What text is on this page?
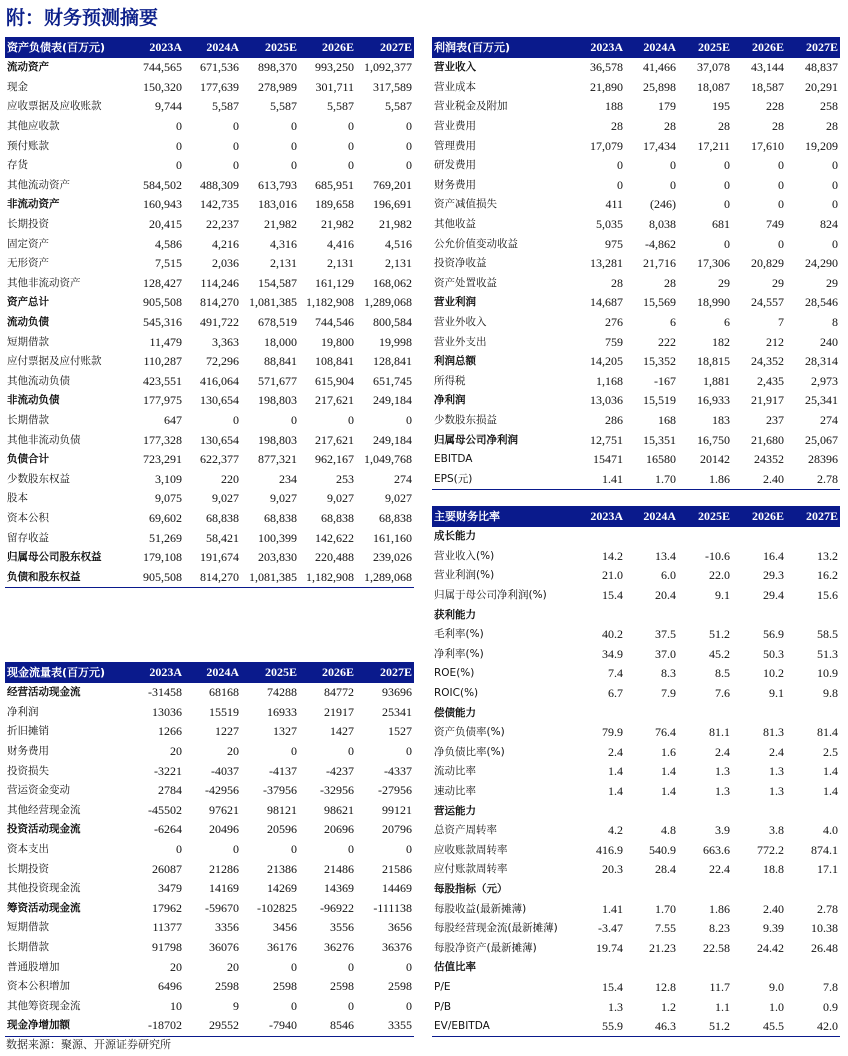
附：财务预测摘要
资产负债表(百万元)	2023A	2024A	2025E	2026E	2027E
流动资产	744,565	671,536	898,370	993,250	1,092,377
现金	150,320	177,639	278,989	301,711	317,589
应收票据及应收账款	9,744	5,587	5,587	5,587	5,587
其他应收款	0	0	0	0	0
预付账款	0	0	0	0	0
存货	0	0	0	0	0
其他流动资产	584,502	488,309	613,793	685,951	769,201
非流动资产	160,943	142,735	183,016	189,658	196,691
长期投资	20,415	22,237	21,982	21,982	21,982
固定资产	4,586	4,216	4,316	4,416	4,516
无形资产	7,515	2,036	2,131	2,131	2,131
其他非流动资产	128,427	114,246	154,587	161,129	168,062
资产总计	905,508	814,270	1,081,385	1,182,908	1,289,068
流动负债	545,316	491,722	678,519	744,546	800,584
短期借款	11,479	3,363	18,000	19,800	19,998
应付票据及应付账款	110,287	72,296	88,841	108,841	128,841
其他流动负债	423,551	416,064	571,677	615,904	651,745
非流动负债	177,975	130,654	198,803	217,621	249,184
长期借款	647	0	0	0	0
其他非流动负债	177,328	130,654	198,803	217,621	249,184
负债合计	723,291	622,377	877,321	962,167	1,049,768
少数股东权益	3,109	220	234	253	274
股本	9,075	9,027	9,027	9,027	9,027
资本公积	69,602	68,838	68,838	68,838	68,838
留存收益	51,269	58,421	100,399	142,622	161,160
归属母公司股东权益	179,108	191,674	203,830	220,488	239,026
负债和股东权益	905,508	814,270	1,081,385	1,182,908	1,289,068
利润表(百万元)	2023A	2024A	2025E	2026E	2027E
营业收入	36,578	41,466	37,078	43,144	48,837
营业成本	21,890	25,898	18,087	18,587	20,291
营业税金及附加	188	179	195	228	258
营业费用	28	28	28	28	28
管理费用	17,079	17,434	17,211	17,610	19,209
研发费用	0	0	0	0	0
财务费用	0	0	0	0	0
资产减值损失	411	(246)	0	0	0
其他收益	5,035	8,038	681	749	824
公允价值变动收益	975	-4,862	0	0	0
投资净收益	13,281	21,716	17,306	20,829	24,290
资产处置收益	28	28	29	29	29
营业利润	14,687	15,569	18,990	24,557	28,546
营业外收入	276	6	6	7	8
营业外支出	759	222	182	212	240
利润总额	14,205	15,352	18,815	24,352	28,314
所得税	1,168	-167	1,881	2,435	2,973
净利润	13,036	15,519	16,933	21,917	25,341
少数股东损益	286	168	183	237	274
归属母公司净利润	12,751	15,351	16,750	21,680	25,067
EBITDA	15471	16580	20142	24352	28396
EPS(元)	1.41	1.70	1.86	2.40	2.78
现金流量表(百万元)	2023A	2024A	2025E	2026E	2027E
经营活动现金流	-31458	68168	74288	84772	93696
净利润	13036	15519	16933	21917	25341
折旧摊销	1266	1227	1327	1427	1527
财务费用	20	20	0	0	0
投资损失	-3221	-4037	-4137	-4237	-4337
营运资金变动	2784	-42956	-37956	-32956	-27956
其他经营现金流	-45502	97621	98121	98621	99121
投资活动现金流	-6264	20496	20596	20696	20796
资本支出	0	0	0	0	0
长期投资	26087	21286	21386	21486	21586
其他投资现金流	3479	14169	14269	14369	14469
筹资活动现金流	17962	-59670	-102825	-96922	-111138
短期借款	11377	3356	3456	3556	3656
长期借款	91798	36076	36176	36276	36376
普通股增加	20	20	0	0	0
资本公积增加	6496	2598	2598	2598	2598
其他筹资现金流	10	9	0	0	0
现金净增加额	-18702	29552	-7940	8546	3355
主要财务比率	2023A	2024A	2025E	2026E	2027E
成长能力					
营业收入(%)	14.2	13.4	-10.6	16.4	13.2
营业利润(%)	21.0	6.0	22.0	29.3	16.2
归属于母公司净利润(%)	15.4	20.4	9.1	29.4	15.6
获利能力					
毛利率(%)	40.2	37.5	51.2	56.9	58.5
净利率(%)	34.9	37.0	45.2	50.3	51.3
ROE(%)	7.4	8.3	8.5	10.2	10.9
ROIC(%)	6.7	7.9	7.6	9.1	9.8
偿债能力					
资产负债率(%)	79.9	76.4	81.1	81.3	81.4
净负债比率(%)	2.4	1.6	2.4	2.4	2.5
流动比率	1.4	1.4	1.3	1.3	1.4
速动比率	1.4	1.4	1.3	1.3	1.4
营运能力					
总资产周转率	4.2	4.8	3.9	3.8	4.0
应收账款周转率	416.9	540.9	663.6	772.2	874.1
应付账款周转率	20.3	28.4	22.4	18.8	17.1
每股指标（元）					
每股收益(最新摊薄)	1.41	1.70	1.86	2.40	2.78
每股经营现金流(最新摊薄)	-3.47	7.55	8.23	9.39	10.38
每股净资产(最新摊薄)	19.74	21.23	22.58	24.42	26.48
估值比率					
P/E	15.4	12.8	11.7	9.0	7.8
P/B	1.3	1.2	1.1	1.0	0.9
EV/EBITDA	55.9	46.3	51.2	45.5	42.0
数据来源：聚源、开源证券研究所
